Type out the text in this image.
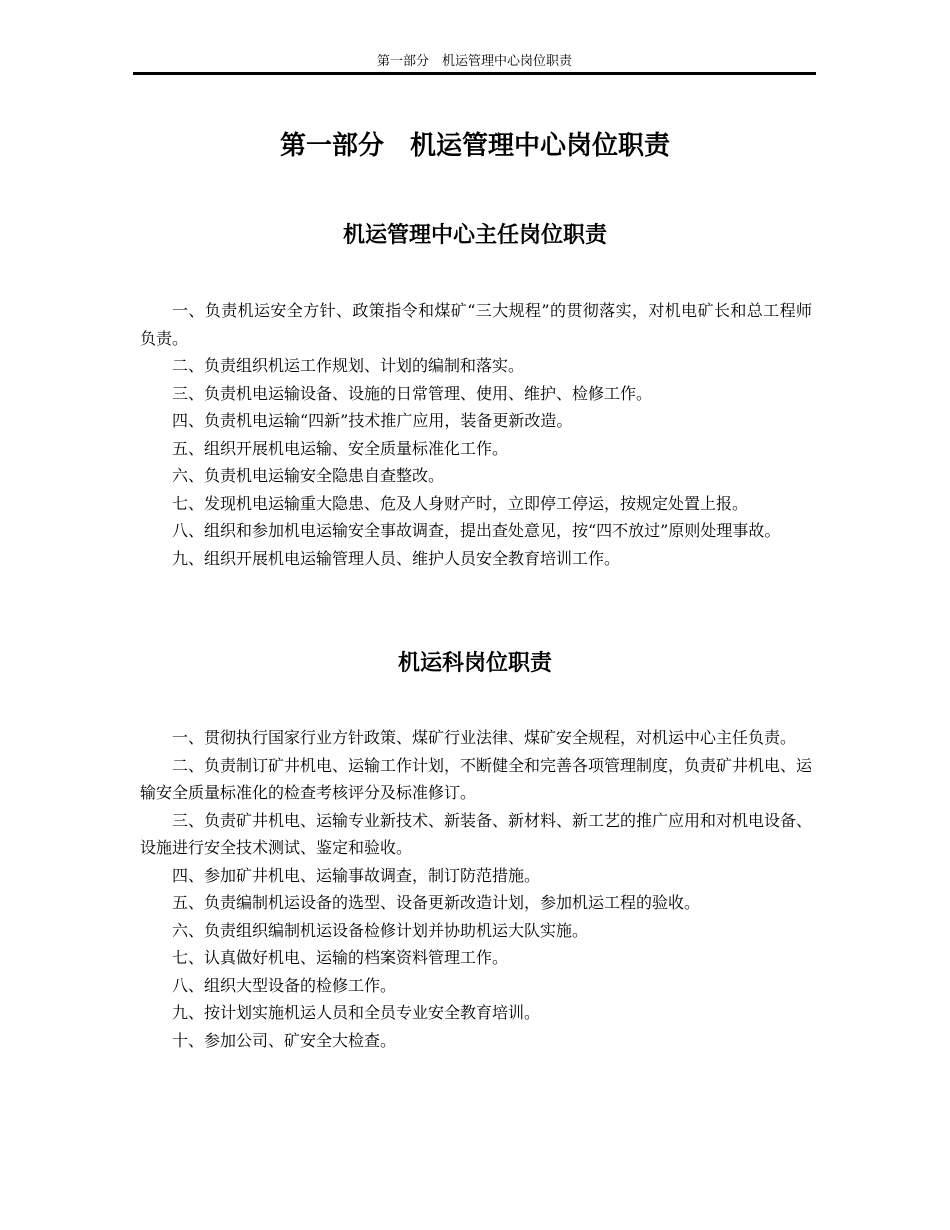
第一部分　机运管理中心岗位职责
第一部分　机运管理中心岗位职责
机运管理中心主任岗位职责

一、负责机运安全方针、政策指令和煤矿“三大规程”的贯彻落实，对机电矿长和总工程师负责。

二、负责组织机运工作规划、计划的编制和落实。

三、负责机电运输设备、设施的日常管理、使用、维护、检修工作。

四、负责机电运输“四新”技术推广应用，装备更新改造。

五、组织开展机电运输、安全质量标准化工作。

六、负责机电运输安全隐患自查整改。

七、发现机电运输重大隐患、危及人身财产时，立即停工停运，按规定处置上报。

八、组织和参加机电运输安全事故调查，提出查处意见，按“四不放过”原则处理事故。

九、组织开展机电运输管理人员、维护人员安全教育培训工作。

机运科岗位职责

一、贯彻执行国家行业方针政策、煤矿行业法律、煤矿安全规程，对机运中心主任负责。

二、负责制订矿井机电、运输工作计划，不断健全和完善各项管理制度，负责矿井机电、运输安全质量标准化的检查考核评分及标准修订。

三、负责矿井机电、运输专业新技术、新装备、新材料、新工艺的推广应用和对机电设备、设施进行安全技术测试、鉴定和验收。

四、参加矿井机电、运输事故调查，制订防范措施。

五、负责编制机运设备的选型、设备更新改造计划，参加机运工程的验收。

六、负责组织编制机运设备检修计划并协助机运大队实施。

七、认真做好机电、运输的档案资料管理工作。

八、组织大型设备的检修工作。

九、按计划实施机运人员和全员专业安全教育培训。

十、参加公司、矿安全大检查。
